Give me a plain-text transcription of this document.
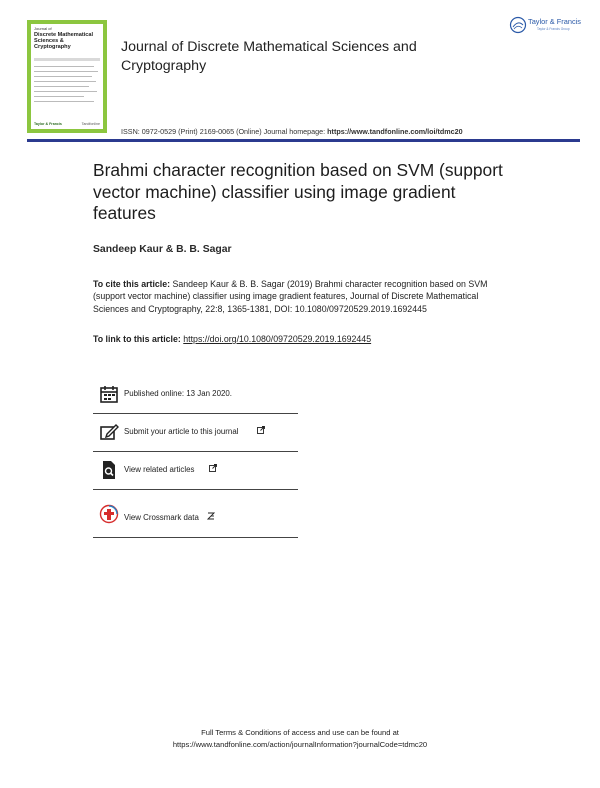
Journal of
Discrete Mathematical Sciences & Cryptography
Taylor & Francis	Tandfonline
Taylor & Francis
Taylor & Francis Group
Journal of Discrete Mathematical Sciences and Cryptography
ISSN: 0972-0529 (Print) 2169-0065 (Online) Journal homepage: https://www.tandfonline.com/loi/tdmc20
Brahmi character recognition based on SVM (support vector machine) classifier using image gradient features
Sandeep Kaur & B. B. Sagar
To cite this article: Sandeep Kaur & B. B. Sagar (2019) Brahmi character recognition based on SVM (support vector machine) classifier using image gradient features, Journal of Discrete Mathematical Sciences and Cryptography, 22:8, 1365-1381, DOI: 10.1080/09720529.2019.1692445
To link to this article: https://doi.org/10.1080/09720529.2019.1692445
Published online: 13 Jan 2020.
Submit your article to this journal
View related articles
View Crossmark data
Full Terms & Conditions of access and use can be found at
https://www.tandfonline.com/action/journalInformation?journalCode=tdmc20
